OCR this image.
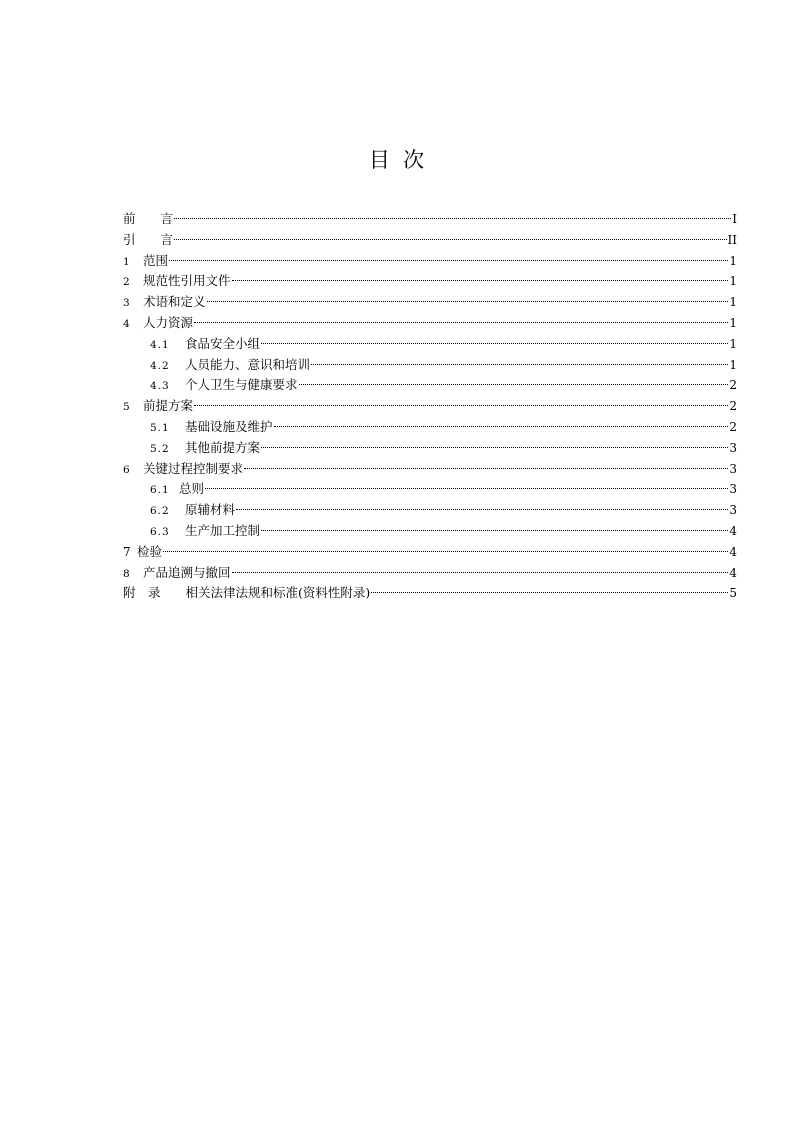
目  次
前　　言	I
引　　言	II
1	范围	1
2	规范性引用文件	1
3	术语和定义	1
4	人力资源	1
4.1	食品安全小组	1
4.2	人员能力、意识和培训	1
4.3	个人卫生与健康要求	2
5	前提方案	2
5.1	基础设施及维护	2
5.2	其他前提方案	3
6	关键过程控制要求	3
6.1 总则	3
6.2	原辅材料	3
6.3	生产加工控制	4
7 检验	4
8	产品追溯与撤回	4
附　录　　相关法律法规和标准(资料性附录)	5
